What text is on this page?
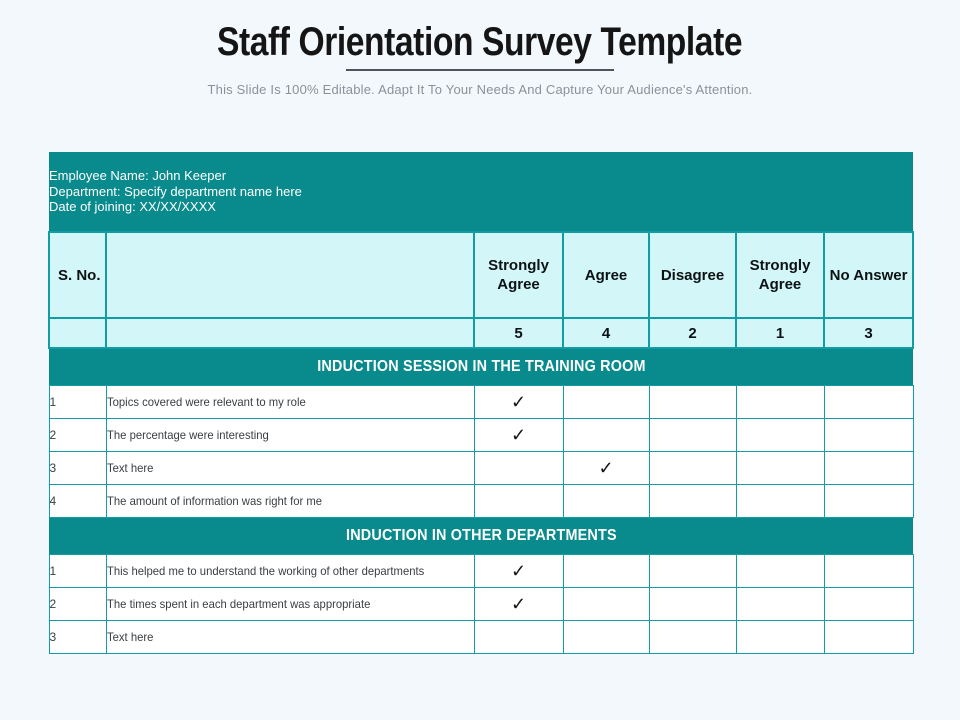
Staff Orientation Survey Template

This Slide Is 100% Editable. Adapt It To Your Needs And Capture Your Audience's Attention.

Employee Name: John Keeper
Department: Specify department name here
Date of joining: XX/XX/XXXX						

S. No.		Strongly Agree	Agree	Disagree	Strongly Agree	No Answer
		5	4	2	1	3
INDUCTION SESSION IN THE TRAINING ROOM						
1	Topics covered were relevant to my role	✓				
2	The percentage were interesting	✓				
3	Text here		✓			
4	The amount of information was right for me					
INDUCTION IN OTHER DEPARTMENTS						
1	This helped me to understand the working of other departments	✓				
2	The times spent in each department was appropriate	✓				
3	Text here					
